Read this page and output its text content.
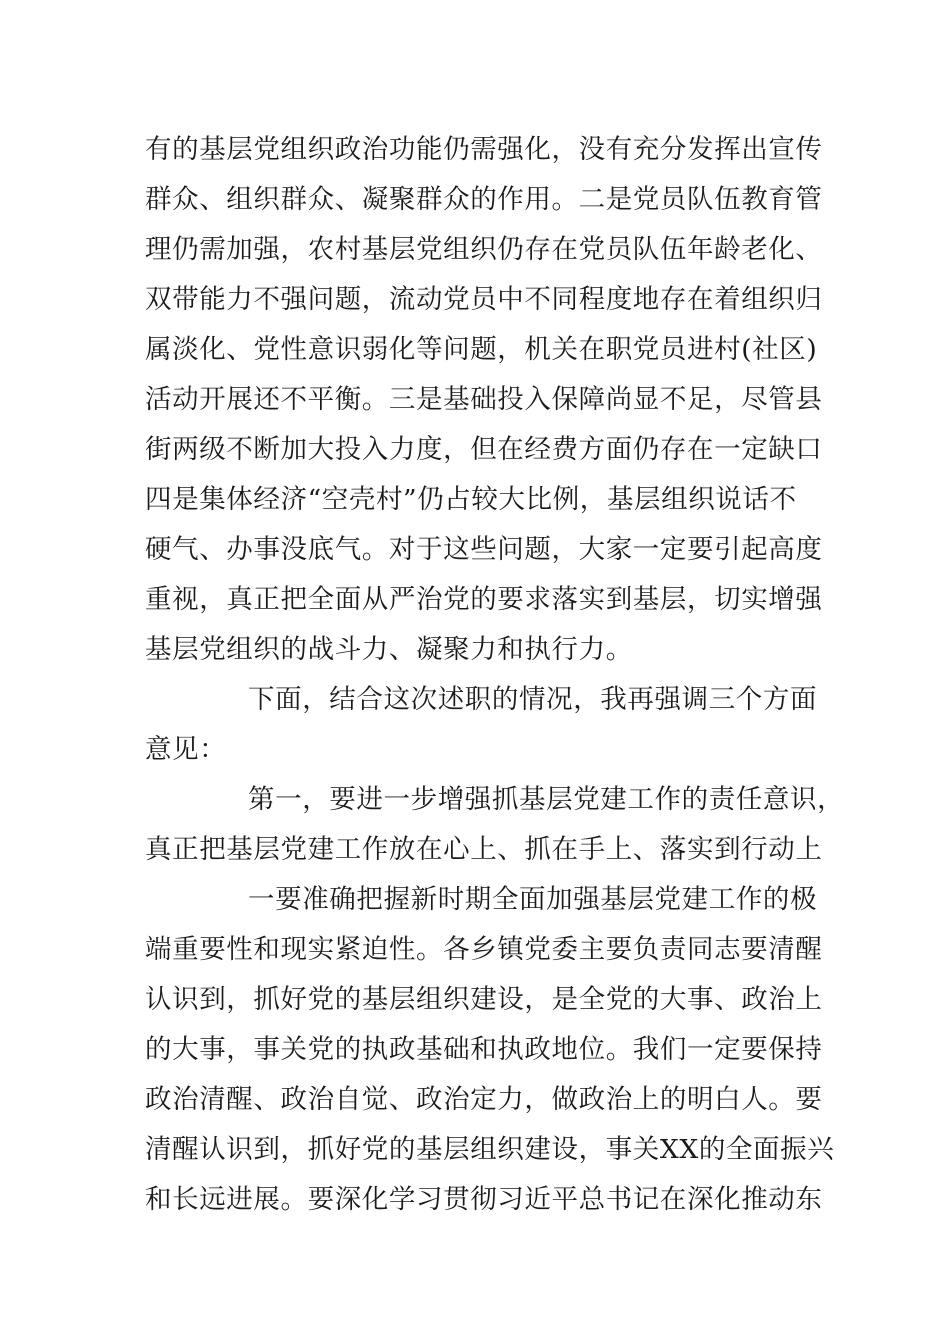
有的基层党组织政治功能仍需强化，没有充分发挥出宣传
群众、组织群众、凝聚群众的作用。二是党员队伍教育管
理仍需加强，农村基层党组织仍存在党员队伍年龄老化、
双带能力不强问题，流动党员中不同程度地存在着组织归
属淡化、党性意识弱化等问题，机关在职党员进村(社区)
活动开展还不平衡。三是基础投入保障尚显不足，尽管县
街两级不断加大投入力度，但在经费方面仍存在一定缺口
四是集体经济“空壳村”仍占较大比例，基层组织说话不
硬气、办事没底气。对于这些问题，大家一定要引起高度
重视，真正把全面从严治党的要求落实到基层，切实增强
基层党组织的战斗力、凝聚力和执行力。
下面，结合这次述职的情况，我再强调三个方面
意见：
第一，要进一步增强抓基层党建工作的责任意识，
真正把基层党建工作放在心上、抓在手上、落实到行动上
一要准确把握新时期全面加强基层党建工作的极
端重要性和现实紧迫性。各乡镇党委主要负责同志要清醒
认识到，抓好党的基层组织建设，是全党的大事、政治上
的大事，事关党的执政基础和执政地位。我们一定要保持
政治清醒、政治自觉、政治定力，做政治上的明白人。要
清醒认识到，抓好党的基层组织建设，事关XX的全面振兴
和长远进展。要深化学习贯彻习近平总书记在深化推动东
